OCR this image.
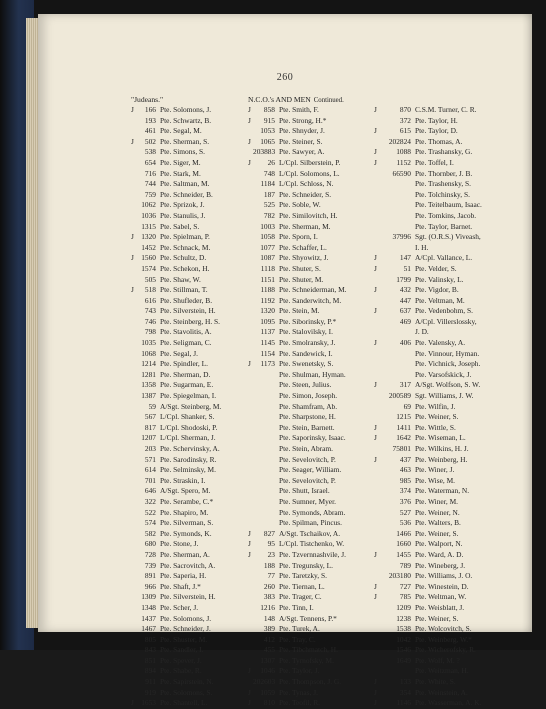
260
"Judeans."
J	166 Pte. Solomons, J.
193 Pte. Schwartz, B.
461 Pte. Segal, M.
J	502 Pte. Sherman, S.
538 Pte. Simons, S.
654 Pte. Siger, M.
716 Pte. Stark, M.
744 Pte. Saltman, M.
759 Pte. Schneider, B.
1062 Pte. Sprizok, J.
1036 Pte. Stanulis, J.
1315 Pte. Sabel, S.
J 1320 Pte. Spielman, P.
1452 Pte. Schnack, M.
J 1560 Pte. Schultz, D.
1574 Pte. Schekon, H.
505 Pte. Shaw, W.
J	518 Pte. Stillman, T.
616 Pte. Shufleder, B.
743 Pte. Silverstein, H.
746 Pte. Steinberg, H. S.
798 Pte. Stavolitis, A.
1035 Pte. Seligman, C.
1068 Pte. Segal, J.
1214 Pte. Spindler, L.
1281 Pte. Sherman, D.
1358 Pte. Sugarman, E.
1387 Pte. Spiegelman, I.
59 A/Sgt. Steinberg, M.
567 L/Cpl. Shanker, S.
817 L/Cpl. Shodoski, P.
1207 L/Cpl. Sherman, J.
203 Pte. Schervinsky, A.
571 Pte. Sarodinsky, R.
614 Pte. Selminsky, M.
701 Pte. Straskin, I.
646 A/Sgt. Spero, M.
322 Pte. Serambe, C.*
522 Pte. Shapiro, M.
574 Pte. Silverman, S.
582 Pte. Symonds, K.
680 Pte. Stone, J.
728 Pte. Sherman, A.
739 Pte. Sacrovitch, A.
891 Pte. Saperia, H.
966 Pte. Shaft, J.*
1309 Pte. Silverstein, H.
1348 Pte. Scher, J.
1437 Pte. Solomons, J.
1467 Pte. Schneider, J.
805 Pte. Shuster, M.
843 Pte. Sandler, I.
851 Pte. Spever, J.
894 Pte. Shabe, R.
911 Pte. Sapirstein, N.
919 Pte. Solomons, S.
J 1653 Pte. Shantell, L.
N.C.O.'s AND MEN Continued.
J	858 Pte. Smith, F.
J	915 Pte. Strong, H.*
1053 Pte. Shnyder, J.
J	1065 Pte. Steiner, S.
203883 Pte. Sawyer, A.
J	26 L/Cpl. Silberstein, P.
748 L/Cpl. Solomons, L.
1184 L/Cpl. Schloss, N.
187 Pte. Schneider, S.
525 Pte. Soble, W.
782 Pte. Similovitch, H.
1003 Pte. Sherman, M.
1058 Pte. Sporn, I.
1077 Pte. Schaffer, L.
1087 Pte. Shyowitz, J.
1118 Pte. Shuter, S.
1151 Pte. Shuter, M.
1188 Pte. Schneiderman, M.
1192 Pte. Sanderwitch, M.
1320 Pte. Stein, M.
1095 Pte. Siborinsky, P.*
1137 Pte. Stalovilsky, I.
1145 Pte. Smolransky, J.
1154 Pte. Sandewick, I.
J	1173 Pte. Swenetsky, S.
Pte. Shulman, Hyman.
Pte. Steen, Julius.
Pte. Simon, Joseph.
Pte. Shamfram, Ab.
Pte. Sharpstone, H.
Pte. Stein, Barnett.
Pte. Saporinsky, Isaac.
Pte. Stein, Abram.
Pte. Sevelovitch, P.
Pte. Seager, William.
Pte. Sevelovitch, P.
Pte. Shutt, Israel.
Pte. Sumner, Myer.
Pte. Symonds, Abram.
Pte. Spilman, Pincus.
J	827 A/Sgt. Tschaikov, A.
J	95 L/Cpl. Tistchenko, W.
J	23 Pte. Tzvernnashvile, J.
188 Pte. Tregunsky, L.
77 Pte. Taretzky, S.
260 Pte. Tiernan, L.
383 Pte. Trager, C.
1216 Pte. Tinn, I.
148 A/Sgt. Tennens, P.*
389 Pte. Turek, A.
412 Pte. Tray, C.
455 Pte. Tibchmatch, H.
1307 Pte. Tyrnofsky, M.
J	1046 Pte. Taylor, J.
202603 Pte. Thompson, J. G.
J	1059 Pte. Tynas, J.
J	810 Pte. Teofil, R.
J	870 C.S.M. Turner, C. R.
372 Pte. Taylor, H.
J	615 Pte. Taylor, D.
202824 Pte. Thomas, A.
J	1088 Pte. Trashansky, G.
J	1152 Pte. Toffel, I.
66590 Pte. Thornber, J. B.
Pte. Trashensky, S.
Pte. Tolchinsky, S.
Pte. Teitelbaum, Isaac.
Pte. Tomkins, Jacob.
Pte. Taylor, Barnet.
37996 Sgt. (O.R.S.) Viveash,
I. H.
J	147 A/Cpl. Vallance, L.
J	51 Pte. Velder, S.
1799 Pte. Valinsky, L.
J	432 Pte. Vigdor, B.
447 Pte. Veltman, M.
J	637 Pte. Vedenbohm, S.
469 A/Cpl. Villerslossky,
J. D.
J	406 Pte. Valensky, A.
Pte. Vinnour, Hyman.
Pte. Vichnick, Joseph.
Pte. Varsofskick, J.
J	317 A/Sgt. Wolfson, S. W.
200589 Sgt. Williams, J. W.
69 Pte. Wilfin, J.
1215 Pte. Weiner, S.
J	1411 Pte. Wittle, S.
J	1642 Pte. Wiseman, L.
75801 Pte. Wilkins, H. J.
J	437 Pte. Weinberg, H.
463 Pte. Winer, J.
985 Pte. Wise, M.
374 Pte. Waterman, N.
376 Pte. Winer, M.
527 Pte. Weiner, N.
536 Pte. Walters, B.
1466 Pte. Weiner, S.
1660 Pte. Walport, N.
J	1455 Pte. Ward, A. D.
789 Pte. Wineberg, J.
203180 Pte. Williams, J. O.
J	727 Pte. Winestein, D.
J	785 Pte. Weltman, W.
1209 Pte. Weisblatt, J.
1238 Pte. Weiner, S.
1538 Pte. Wolcovitch, S.
1042 Pte. Weinberg, W.*
1546 Pte. Wicherofsky, R.
1649 Pte. Wolf, M. ?
Pte. Weitzman, H.
J	133 Pte. White, S.
J	354 Pte. Weinstein, A.
J	1146 Pte. Wasserman, A. K.
